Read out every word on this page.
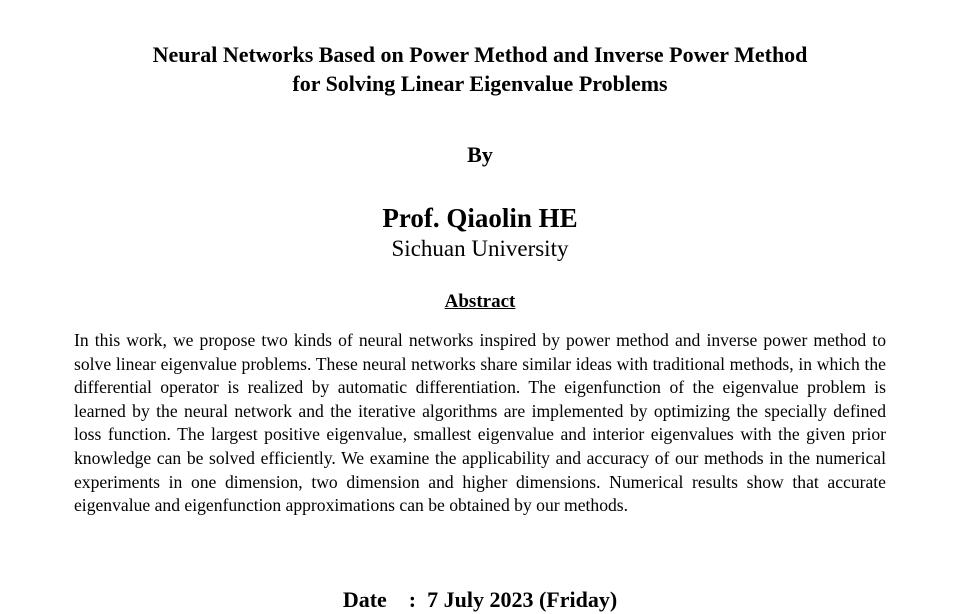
Neural Networks Based on Power Method and Inverse Power Method
for Solving Linear Eigenvalue Problems
By
Prof. Qiaolin HE
Sichuan University
Abstract
In this work, we propose two kinds of neural networks inspired by power method and inverse power method to solve linear eigenvalue problems. These neural networks share similar ideas with traditional methods, in which the differential operator is realized by automatic differentiation. The eigenfunction of the eigenvalue problem is learned by the neural network and the iterative algorithms are implemented by optimizing the specially defined loss function. The largest positive eigenvalue, smallest eigenvalue and interior eigenvalues with the given prior knowledge can be solved efficiently. We examine the applicability and accuracy of our methods in the numerical experiments in one dimension, two dimension and higher dimensions. Numerical results show that accurate eigenvalue and eigenfunction approximations can be obtained by our methods.
Date    :  7 July 2023 (Friday)
